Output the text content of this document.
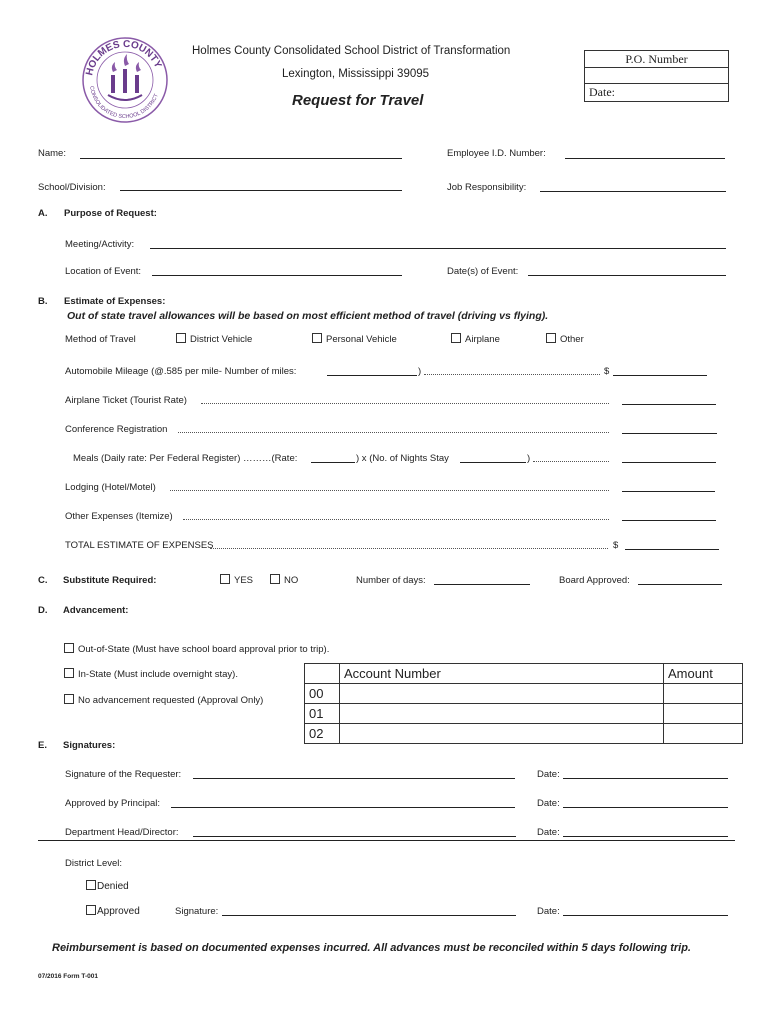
HOLMES COUNTY
CONSOLIDATED SCHOOL DISTRICT
Holmes County Consolidated School District of Transformation
Lexington, Mississippi 39095
Request for Travel
P.O. Number
Date:
Name:	Employee I.D. Number:
School/Division:	Job Responsibility:
A. Purpose of Request:
Meeting/Activity:
Location of Event:	Date(s) of Event:
B. Estimate of Expenses:
Out of state travel allowances will be based on most efficient method of travel (driving vs flying).
Method of Travel	District Vehicle	Personal Vehicle	Airplane	Other
Automobile Mileage (@.585 per mile- Number of miles:	)	$
Airplane Ticket (Tourist Rate)
Conference Registration
Meals (Daily rate: Per Federal Register) ………(Rate:	) x (No. of Nights Stay	)
Lodging (Hotel/Motel)
Other Expenses (Itemize)
TOTAL ESTIMATE OF EXPENSES	$
C. Substitute Required:	YES	NO	Number of days:	Board Approved:
D. Advancement:
Out-of-State (Must have school board approval prior to trip).
In-State (Must include overnight stay).
No advancement requested (Approval Only)
	Account Number	Amount
00		
01		
02		
E. Signatures:
Signature of the Requester:	Date:
Approved by Principal:	Date:
Department Head/Director:	Date:
District Level:
Denied
Approved	Signature:	Date:
Reimbursement is based on documented expenses incurred. All advances must be reconciled within 5 days following trip.
07/2016 Form T-001
